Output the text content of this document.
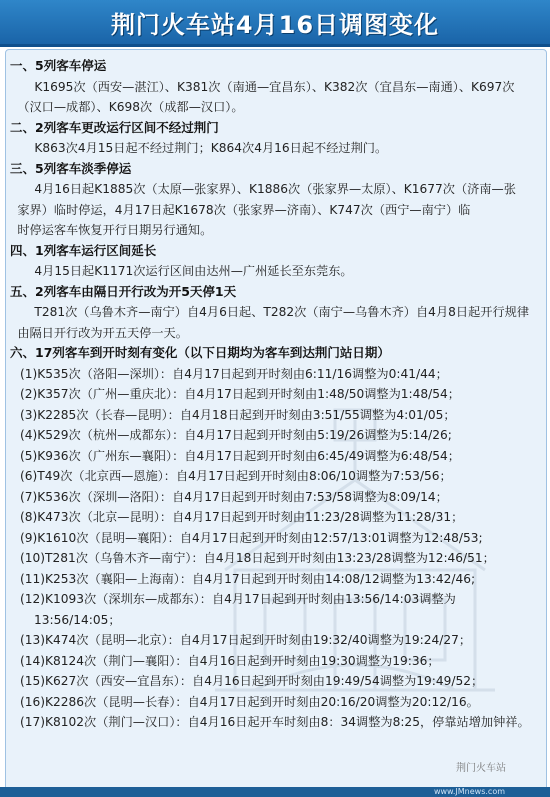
荆门火车站4月16日调图变化
一、5列客车停运
K1695次（西安—湛江）、K381次（南通—宜昌东）、K382次（宜昌东—南通）、K697次
（汉口—成都）、K698次（成都—汉口）。
二、2列客车更改运行区间不经过荆门
K863次4月15日起不经过荆门；K864次4月16日起不经过荆门。
三、5列客车淡季停运
4月16日起K1885次（太原—张家界）、K1886次（张家界—太原）、K1677次（济南—张
家界）临时停运，4月17日起K1678次（张家界—济南）、K747次（西宁—南宁）临
时停运客车恢复开行日期另行通知。
四、1列客车运行区间延长
4月15日起K1171次运行区间由达州—广州延长至东莞东。
五、2列客车由隔日开行改为开5天停1天
T281次（乌鲁木齐—南宁）自4月6日起、T282次（南宁—乌鲁木齐）自4月8日起开行规律
由隔日开行改为开五天停一天。
六、17列客车到开时刻有变化（以下日期均为客车到达荆门站日期）
(1)K535次（洛阳—深圳）：自4月17日起到开时刻由6:11/16调整为0:41/44；
(2)K357次（广州—重庆北）：自4月17日起到开时刻由1:48/50调整为1:48/54；
(3)K2285次（长春—昆明）：自4月18日起到开时刻由3:51/55调整为4:01/05；
(4)K529次（杭州—成都东）：自4月17日起到开时刻由5:19/26调整为5:14/26;
(5)K936次（广州东—襄阳）：自4月17日起到开时刻由6:45/49调整为6:48/54；
(6)T49次（北京西—恩施）：自4月17日起到开时刻由8:06/10调整为7:53/56；
(7)K536次（深圳—洛阳）：自4月17日起到开时刻由7:53/58调整为8:09/14；
(8)K473次（北京—昆明）：自4月17日起到开时刻由11:23/28调整为11:28/31；
(9)K1610次（昆明—襄阳）：自4月17日起到开时刻由12:57/13:01调整为12:48/53;
(10)T281次（乌鲁木齐—南宁）：自4月18日起到开时刻由13:23/28调整为12:46/51；
(11)K253次（襄阳—上海南）：自4月17日起到开时刻由14:08/12调整为13:42/46;
(12)K1093次（深圳东—成都东）：自4月17日起到开时刻由13:56/14:03调整为13:56/14:05；
(13)K474次（昆明—北京）：自4月17日起到开时刻由19:32/40调整为19:24/27；
(14)K8124次（荆门—襄阳）：自4月16日起到开时刻由19:30调整为19:36；
(15)K627次（西安—宜昌东）：自4月16日起到开时刻由19:49/54调整为19:49/52；
(16)K2286次（昆明—长春）：自4月17日起到开时刻由20:16/20调整为20:12/16。
(17)K8102次（荆门—汉口）：自4月16日起开车时刻由8：34调整为8:25，停靠站增加钟祥。
荆门火车站
www.JMnews.com
